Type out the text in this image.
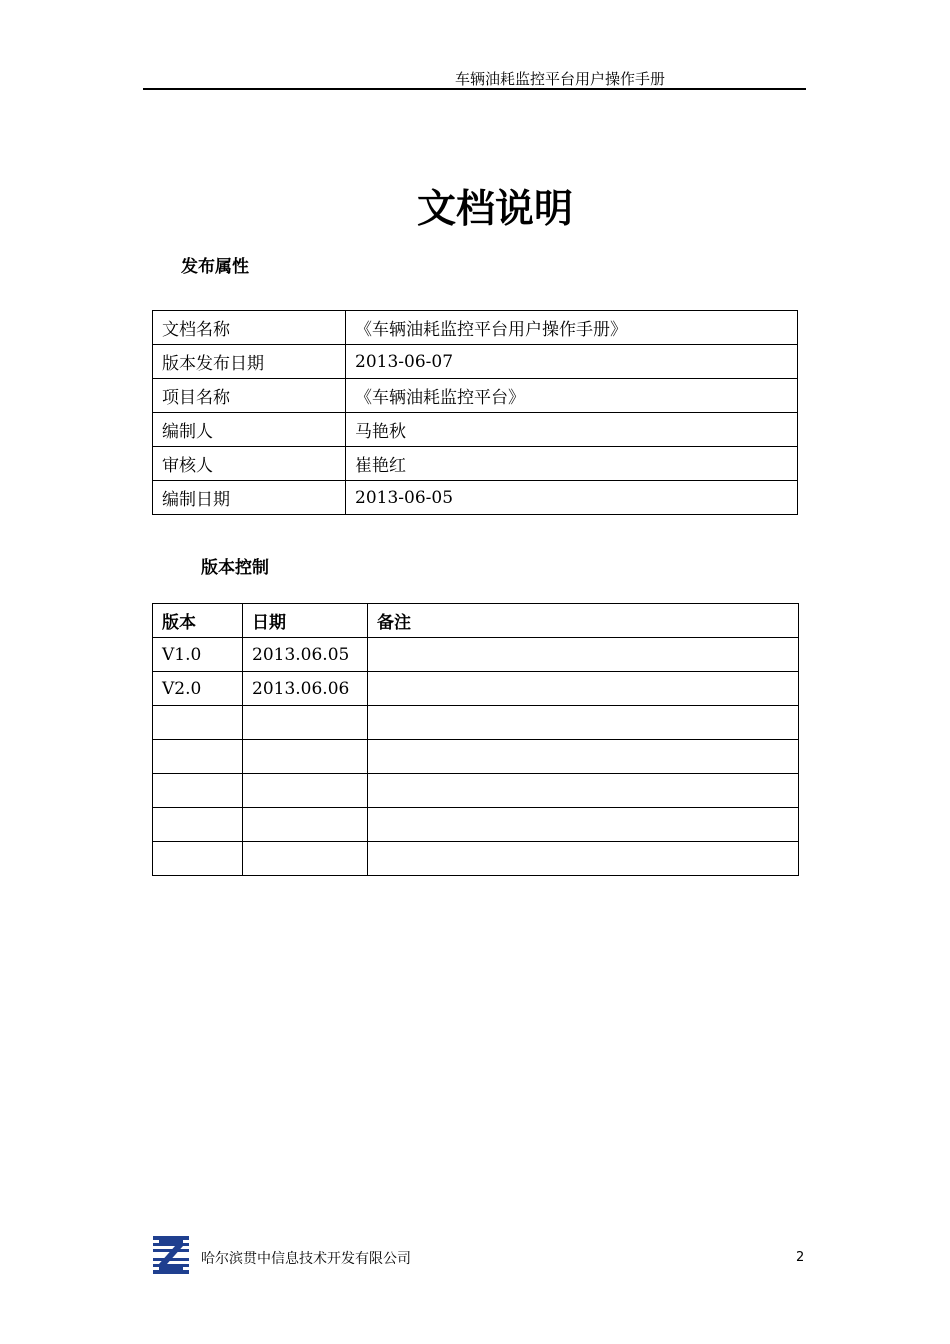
车辆油耗监控平台用户操作手册
文档说明
发布属性
文档名称	《车辆油耗监控平台用户操作手册》
版本发布日期	2013-06-07
项目名称	《车辆油耗监控平台》
编制人	马艳秋
审核人	崔艳红
编制日期	2013-06-05
版本控制
版本	日期	备注
V1.0	2013.06.05	
V2.0	2013.06.06	

哈尔滨贯中信息技术开发有限公司	2
